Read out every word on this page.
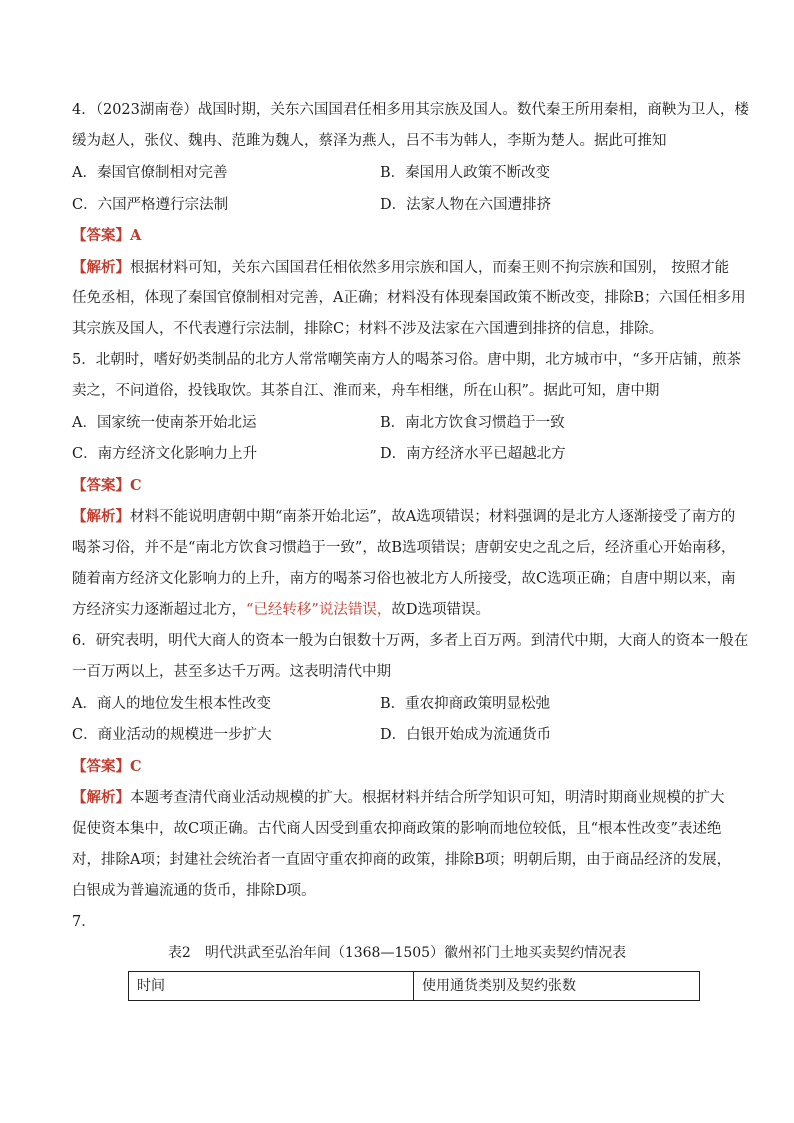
4．（2023湖南卷）战国时期，关东六国国君任相多用其宗族及国人。数代秦王所用秦相，商鞅为卫人，楼
缓为赵人，张仪、魏冉、范雎为魏人，蔡泽为燕人，吕不韦为韩人，李斯为楚人。据此可推知
A．秦国官僚制相对完善	B．秦国用人政策不断改变
C．六国严格遵行宗法制	D．法家人物在六国遭排挤
【答案】A
【解析】根据材料可知，关东六国国君任相依然多用宗族和国人，而秦王则不拘宗族和国别， 按照才能
任免丞相，体现了秦国官僚制相对完善，A正确；材料没有体现秦国政策不断改变，排除B；六国任相多用
其宗族及国人，不代表遵行宗法制，排除C；材料不涉及法家在六国遭到排挤的信息，排除。
5．北朝时，嗜好奶类制品的北方人常常嘲笑南方人的喝茶习俗。唐中期，北方城市中，“多开店铺，煎茶
卖之，不问道俗，投钱取饮。其茶自江、淮而来，舟车相继，所在山积”。据此可知，唐中期
A．国家统一使南茶开始北运	B．南北方饮食习惯趋于一致
C．南方经济文化影响力上升	D．南方经济水平已超越北方
【答案】C
【解析】材料不能说明唐朝中期“南茶开始北运”，故A选项错误；材料强调的是北方人逐渐接受了南方的
喝茶习俗，并不是“南北方饮食习惯趋于一致”，故B选项错误；唐朝安史之乱之后，经济重心开始南移，
随着南方经济文化影响力的上升，南方的喝茶习俗也被北方人所接受，故C选项正确；自唐中期以来，南
方经济实力逐渐超过北方，“已经转移”说法错误，故D选项错误。
6．研究表明，明代大商人的资本一般为白银数十万两，多者上百万两。到清代中期，大商人的资本一般在
一百万两以上，甚至多达千万两。这表明清代中期
A．商人的地位发生根本性改变	B．重农抑商政策明显松弛
C．商业活动的规模进一步扩大	D．白银开始成为流通货币
【答案】C
【解析】本题考查清代商业活动规模的扩大。根据材料并结合所学知识可知，明清时期商业规模的扩大
促使资本集中，故C项正确。古代商人因受到重农抑商政策的影响而地位较低，且“根本性改变”表述绝
对，排除A项；封建社会统治者一直固守重农抑商的政策，排除B项；明朝后期，由于商品经济的发展，
白银成为普遍流通的货币，排除D项。
7．
表2　明代洪武至弘治年间（1368—1505）徽州祁门土地买卖契约情况表
时间	使用通货类别及契约张数
